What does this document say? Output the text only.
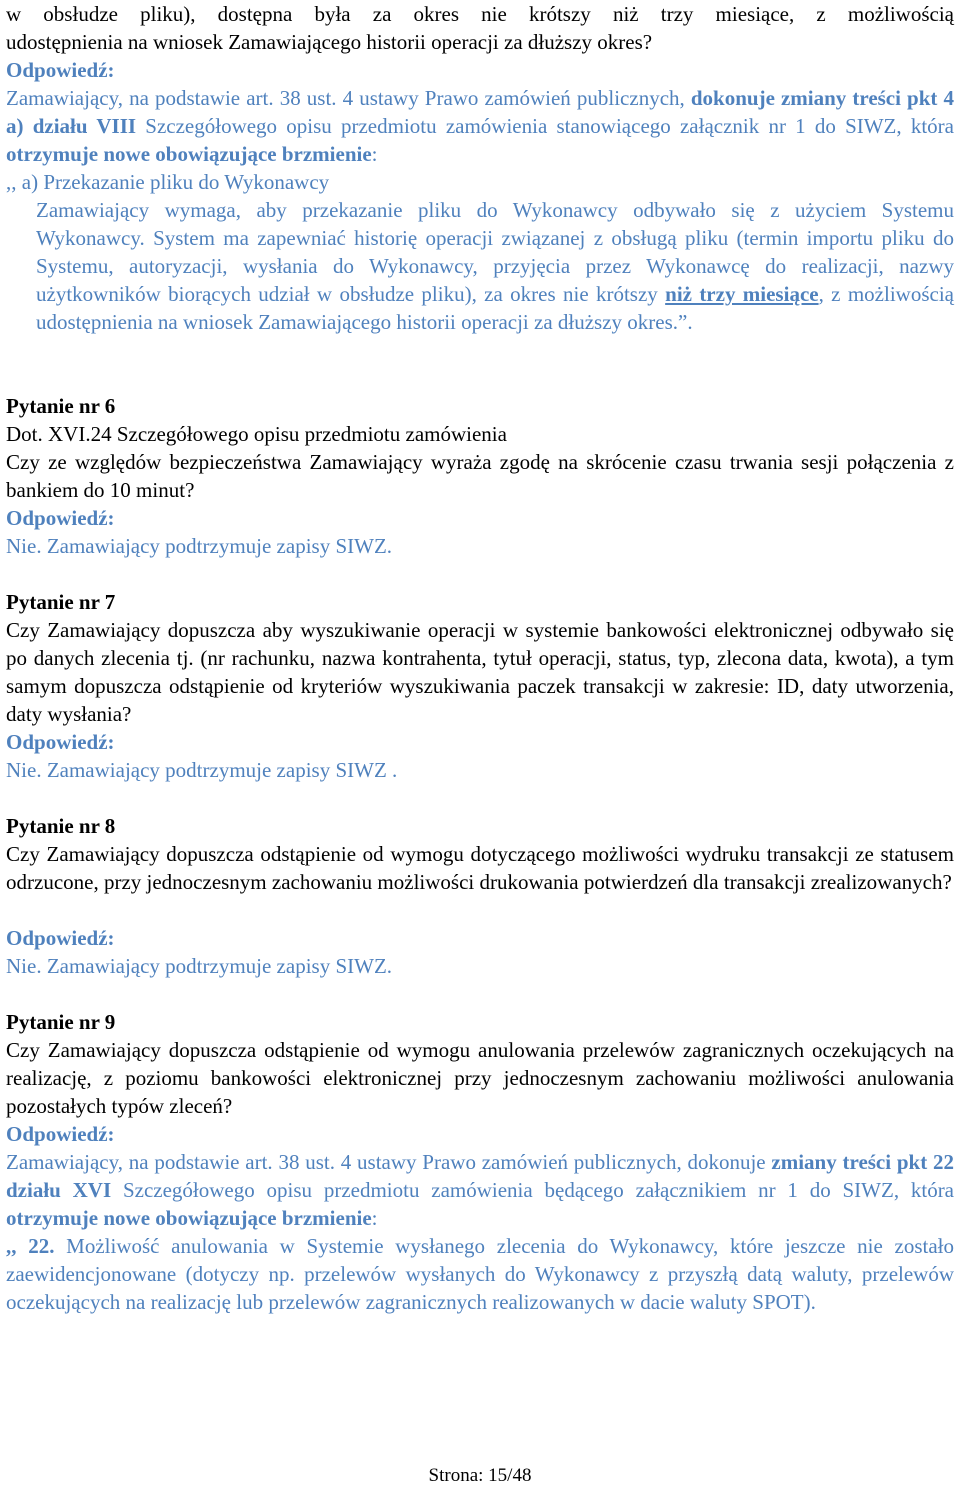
w obsłudze pliku), dostępna była za okres nie krótszy niż trzy miesiące, z możliwością

udostępnienia na wniosek Zamawiającego historii operacji za dłuższy okres?

Odpowiedź:

Zamawiający, na podstawie art. 38 ust. 4 ustawy Prawo zamówień publicznych, dokonuje zmiany treści pkt 4 a) działu VIII Szczegółowego opisu przedmiotu zamówienia stanowiącego załącznik nr 1 do SIWZ, która otrzymuje nowe obowiązujące brzmienie:

,, a) Przekazanie pliku do Wykonawcy

Zamawiający wymaga, aby przekazanie pliku do Wykonawcy odbywało się z użyciem Systemu Wykonawcy. System ma zapewniać historię operacji związanej z obsługą pliku (termin importu pliku do Systemu, autoryzacji, wysłania do Wykonawcy, przyjęcia przez Wykonawcę do realizacji, nazwy użytkowników biorących udział w obsłudze pliku), za okres nie krótszy niż trzy miesiące, z możliwością udostępnienia na wniosek Zamawiającego historii operacji za dłuższy okres.”.

Pytanie nr 6

Dot. XVI.24 Szczegółowego opisu przedmiotu zamówienia

Czy ze względów bezpieczeństwa Zamawiający wyraża zgodę na skrócenie czasu trwania sesji połączenia z bankiem do 10 minut?

Odpowiedź:

Nie. Zamawiający podtrzymuje zapisy SIWZ.

Pytanie nr 7

Czy Zamawiający dopuszcza aby wyszukiwanie operacji w systemie bankowości elektronicznej odbywało się po danych zlecenia tj. (nr rachunku, nazwa kontrahenta, tytuł operacji, status, typ, zlecona data, kwota), a tym samym dopuszcza odstąpienie od kryteriów wyszukiwania paczek transakcji w zakresie: ID, daty utworzenia, daty wysłania?

Odpowiedź:

Nie. Zamawiający podtrzymuje zapisy SIWZ .

Pytanie nr 8

Czy Zamawiający dopuszcza odstąpienie od wymogu dotyczącego możliwości wydruku transakcji ze statusem odrzucone, przy jednoczesnym zachowaniu możliwości drukowania potwierdzeń dla transakcji zrealizowanych?

Odpowiedź:

Nie. Zamawiający podtrzymuje zapisy SIWZ.

Pytanie nr 9

Czy Zamawiający dopuszcza odstąpienie od wymogu anulowania przelewów zagranicznych oczekujących na realizację, z poziomu bankowości elektronicznej przy jednoczesnym zachowaniu możliwości anulowania pozostałych typów zleceń?

Odpowiedź:

Zamawiający, na podstawie art. 38 ust. 4 ustawy Prawo zamówień publicznych, dokonuje zmiany treści pkt 22 działu XVI Szczegółowego opisu przedmiotu zamówienia będącego załącznikiem nr 1 do SIWZ, która otrzymuje nowe obowiązujące brzmienie:

,, 22. Możliwość anulowania w Systemie wysłanego zlecenia do Wykonawcy, które jeszcze nie zostało zaewidencjonowane (dotyczy np. przelewów wysłanych do Wykonawcy z przyszłą datą waluty, przelewów oczekujących na realizację lub przelewów zagranicznych realizowanych w dacie waluty SPOT).

Strona: 15/48
